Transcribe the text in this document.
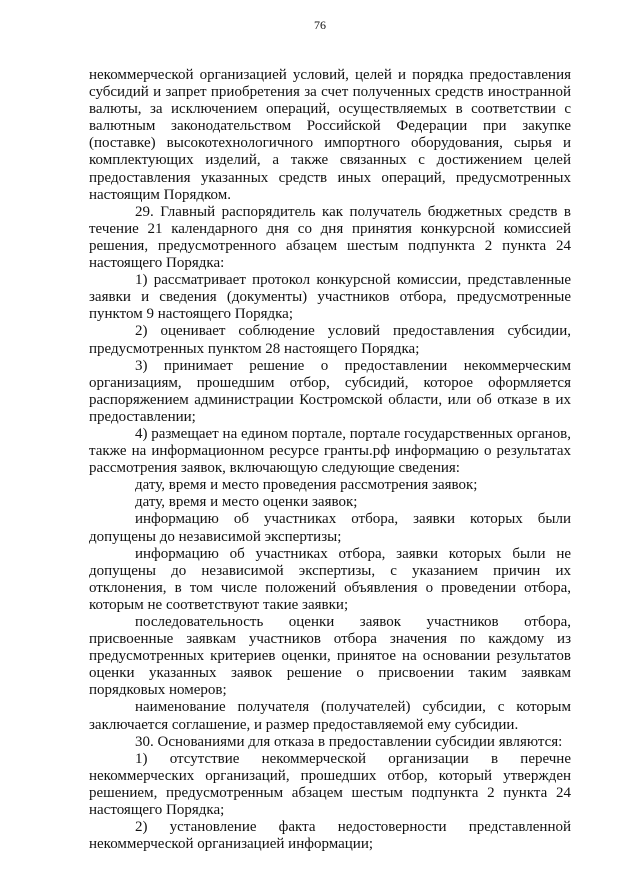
76

некоммерческой организацией условий, целей и порядка предоставления субсидий и запрет приобретения за счет полученных средств иностранной валюты, за исключением операций, осуществляемых в соответствии с валютным законодательством Российской Федерации при закупке (поставке) высокотехнологичного импортного оборудования, сырья и комплектующих изделий, а также связанных с достижением целей предоставления указанных средств иных операций, предусмотренных настоящим Порядком.

29. Главный распорядитель как получатель бюджетных средств в течение 21 календарного дня со дня принятия конкурсной комиссией решения, предусмотренного абзацем шестым подпункта 2 пункта 24 настоящего Порядка:

1) рассматривает протокол конкурсной комиссии, представленные заявки и сведения (документы) участников отбора, предусмотренные пунктом 9 настоящего Порядка;

2) оценивает соблюдение условий предоставления субсидии, предусмотренных пунктом 28 настоящего Порядка;

3) принимает решение о предоставлении некоммерческим организациям, прошедшим отбор, субсидий, которое оформляется распоряжением администрации Костромской области, или об отказе в их предоставлении;

4) размещает на едином портале, портале государственных органов, также на информационном ресурсе гранты.рф информацию о результатах рассмотрения заявок, включающую следующие сведения:

дату, время и место проведения рассмотрения заявок;

дату, время и место оценки заявок;

информацию об участниках отбора, заявки которых были допущены до независимой экспертизы;

информацию об участниках отбора, заявки которых были не допущены до независимой экспертизы, с указанием причин их отклонения, в том числе положений объявления о проведении отбора, которым не соответствуют такие заявки;

последовательность оценки заявок участников отбора, присвоенные заявкам участников отбора значения по каждому из предусмотренных критериев оценки, принятое на основании результатов оценки указанных заявок решение о присвоении таким заявкам порядковых номеров;

наименование получателя (получателей) субсидии, с которым заключается соглашение, и размер предоставляемой ему субсидии.

30. Основаниями для отказа в предоставлении субсидии являются:

1) отсутствие некоммерческой организации в перечне некоммерческих организаций, прошедших отбор, который утвержден решением, предусмотренным абзацем шестым подпункта 2 пункта 24 настоящего Порядка;

2) установление факта недостоверности представленной некоммерческой организацией информации;
